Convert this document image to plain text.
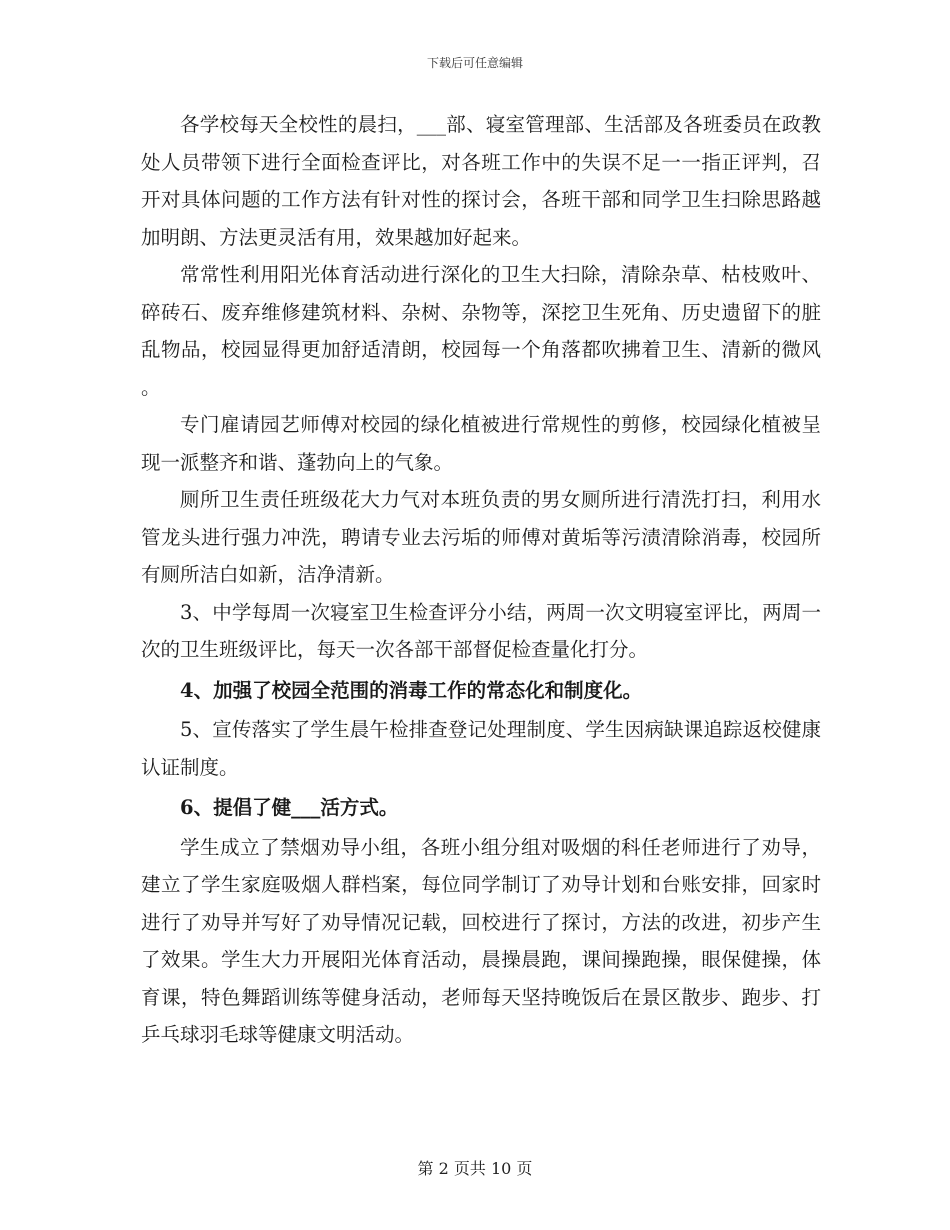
下载后可任意编辑

各学校每天全校性的晨扫，___部、寝室管理部、生活部及各班委员在政教处人员带领下进行全面检查评比，对各班工作中的失误不足一一指正评判，召开对具体问题的工作方法有针对性的探讨会，各班干部和同学卫生扫除思路越加明朗、方法更灵活有用，效果越加好起来。

常常性利用阳光体育活动进行深化的卫生大扫除，清除杂草、枯枝败叶、碎砖石、废弃维修建筑材料、杂树、杂物等，深挖卫生死角、历史遗留下的脏乱物品，校园显得更加舒适清朗，校园每一个角落都吹拂着卫生、清新的微风。

专门雇请园艺师傅对校园的绿化植被进行常规性的剪修，校园绿化植被呈现一派整齐和谐、蓬勃向上的气象。

厕所卫生责任班级花大力气对本班负责的男女厕所进行清洗打扫，利用水管龙头进行强力冲洗，聘请专业去污垢的师傅对黄垢等污渍清除消毒，校园所有厕所洁白如新，洁净清新。

3、中学每周一次寝室卫生检查评分小结，两周一次文明寝室评比，两周一次的卫生班级评比，每天一次各部干部督促检查量化打分。

4、加强了校园全范围的消毒工作的常态化和制度化。

5、宣传落实了学生晨午检排查登记处理制度、学生因病缺课追踪返校健康认证制度。

6、提倡了健___活方式。

学生成立了禁烟劝导小组，各班小组分组对吸烟的科任老师进行了劝导，建立了学生家庭吸烟人群档案，每位同学制订了劝导计划和台账安排，回家时进行了劝导并写好了劝导情况记载，回校进行了探讨，方法的改进，初步产生了效果。学生大力开展阳光体育活动，晨操晨跑，课间操跑操，眼保健操，体育课，特色舞蹈训练等健身活动，老师每天坚持晚饭后在景区散步、跑步、打乒乓球羽毛球等健康文明活动。

第 2 页共 10 页
